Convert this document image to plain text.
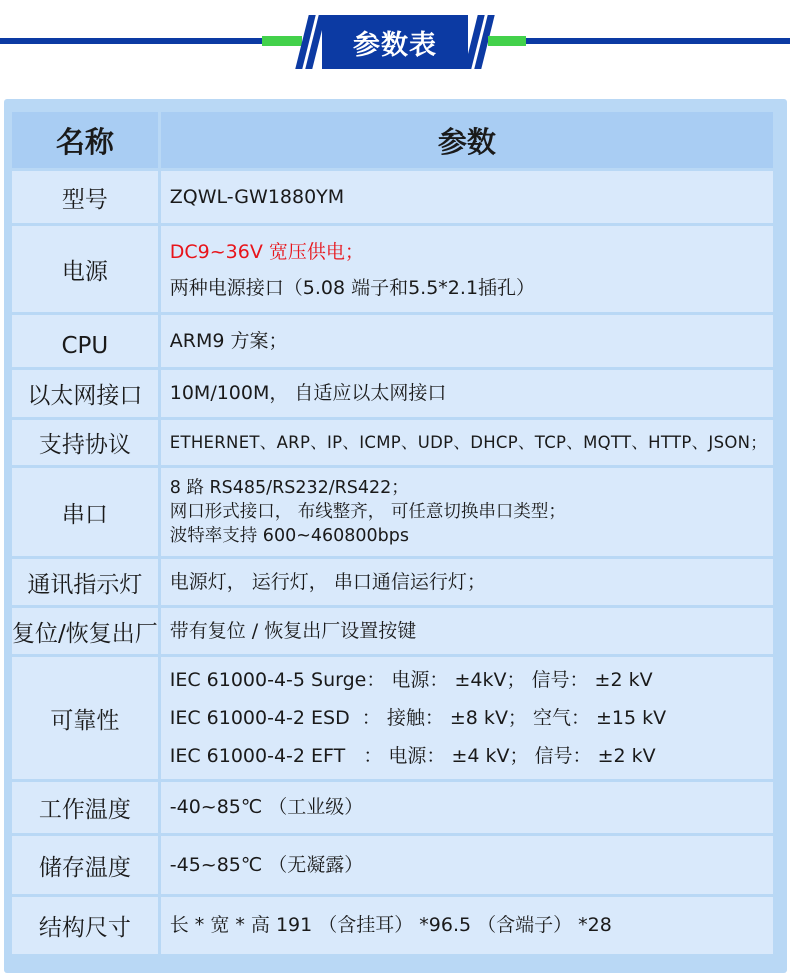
参数表
名称	参数
型号	ZQWL-GW1880YM

电源	DC9~36V 宽压供电；
两种电源接口（5.08 端子和5.5*2.1插孔）

CPU	ARM9 方案；

以太网接口	10M/100M， 自适应以太网接口

支持协议	ETHERNET、ARP、IP、ICMP、UDP、DHCP、TCP、MQTT、HTTP、JSON；

串口	8 路 RS485/RS232/RS422；
网口形式接口， 布线整齐， 可任意切换串口类型；
波特率支持 600~460800bps

通讯指示灯	电源灯， 运行灯， 串口通信运行灯；

复位/恢复出厂	带有复位 / 恢复出厂设置按键

可靠性	IEC 61000-4-5 Surge： 电源： ±4kV； 信号： ±2 kV
IEC 61000-4-2 ESD  ： 接触： ±8 kV； 空气： ±15 kV
IEC 61000-4-2 EFT   ： 电源： ±4 kV； 信号： ±2 kV

工作温度	-40~85℃ （工业级）

储存温度	-45~85℃ （无凝露）

结构尺寸	长 * 宽 * 高 191 （含挂耳） *96.5 （含端子） *28
